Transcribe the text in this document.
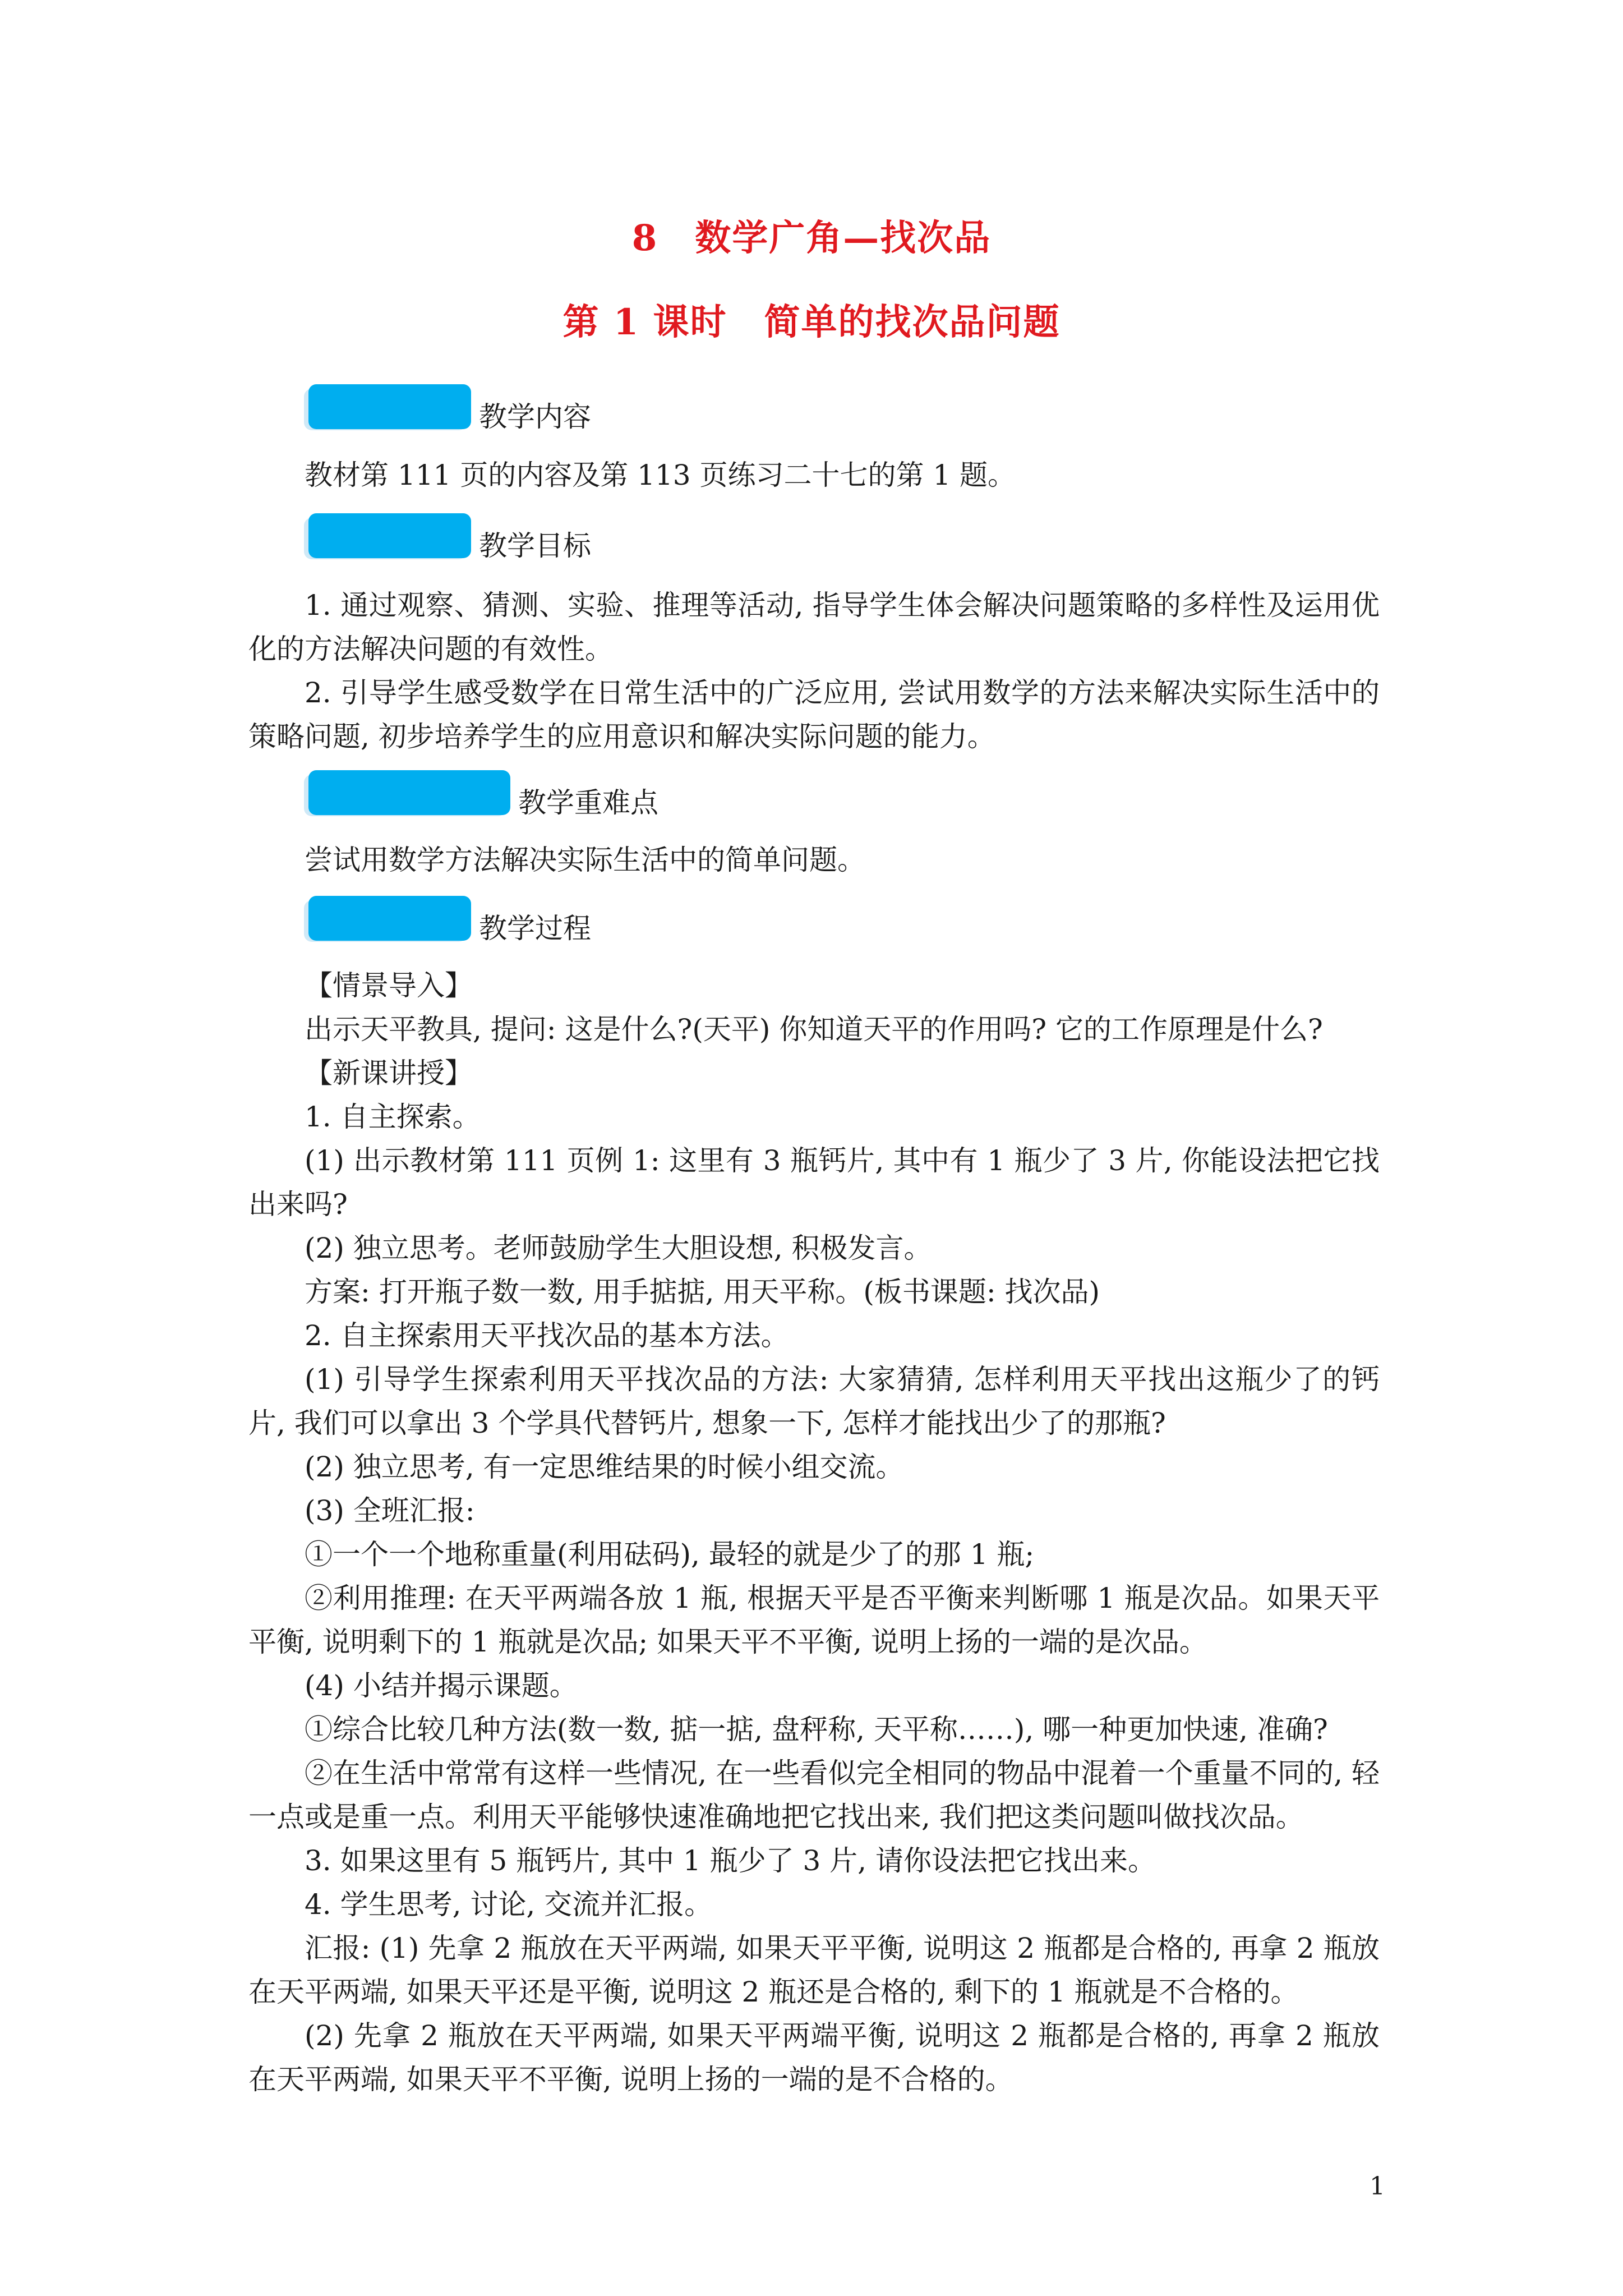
8　数学广角—找次品
第 1 课时　简单的找次品问题
教学内容

教材第 111 页的内容及第 113 页练习二十七的第 1 题。

教学目标

1. 通过观察、猜测、实验、推理等活动, 指导学生体会解决问题策略的多样性及运用优化的方法解决问题的有效性。

2. 引导学生感受数学在日常生活中的广泛应用, 尝试用数学的方法来解决实际生活中的策略问题, 初步培养学生的应用意识和解决实际问题的能力。

教学重难点

尝试用数学方法解决实际生活中的简单问题。

教学过程

【情景导入】

出示天平教具, 提问: 这是什么?(天平) 你知道天平的作用吗? 它的工作原理是什么?

【新课讲授】

1. 自主探索。

(1) 出示教材第 111 页例 1: 这里有 3 瓶钙片, 其中有 1 瓶少了 3 片, 你能设法把它找出来吗?

(2) 独立思考。老师鼓励学生大胆设想, 积极发言。

方案: 打开瓶子数一数, 用手掂掂, 用天平称。(板书课题: 找次品)

2. 自主探索用天平找次品的基本方法。

(1) 引导学生探索利用天平找次品的方法: 大家猜猜, 怎样利用天平找出这瓶少了的钙片, 我们可以拿出 3 个学具代替钙片, 想象一下, 怎样才能找出少了的那瓶?

(2) 独立思考, 有一定思维结果的时候小组交流。

(3) 全班汇报:

①一个一个地称重量(利用砝码), 最轻的就是少了的那 1 瓶;

②利用推理: 在天平两端各放 1 瓶, 根据天平是否平衡来判断哪 1 瓶是次品。如果天平平衡, 说明剩下的 1 瓶就是次品; 如果天平不平衡, 说明上扬的一端的是次品。

(4) 小结并揭示课题。

①综合比较几种方法(数一数, 掂一掂, 盘秤称, 天平称……), 哪一种更加快速, 准确?

②在生活中常常有这样一些情况, 在一些看似完全相同的物品中混着一个重量不同的, 轻一点或是重一点。利用天平能够快速准确地把它找出来, 我们把这类问题叫做找次品。

3. 如果这里有 5 瓶钙片, 其中 1 瓶少了 3 片, 请你设法把它找出来。

4. 学生思考, 讨论, 交流并汇报。

汇报: (1) 先拿 2 瓶放在天平两端, 如果天平平衡, 说明这 2 瓶都是合格的, 再拿 2 瓶放在天平两端, 如果天平还是平衡, 说明这 2 瓶还是合格的, 剩下的 1 瓶就是不合格的。

(2) 先拿 2 瓶放在天平两端, 如果天平两端平衡, 说明这 2 瓶都是合格的, 再拿 2 瓶放在天平两端, 如果天平不平衡, 说明上扬的一端的是不合格的。

1
